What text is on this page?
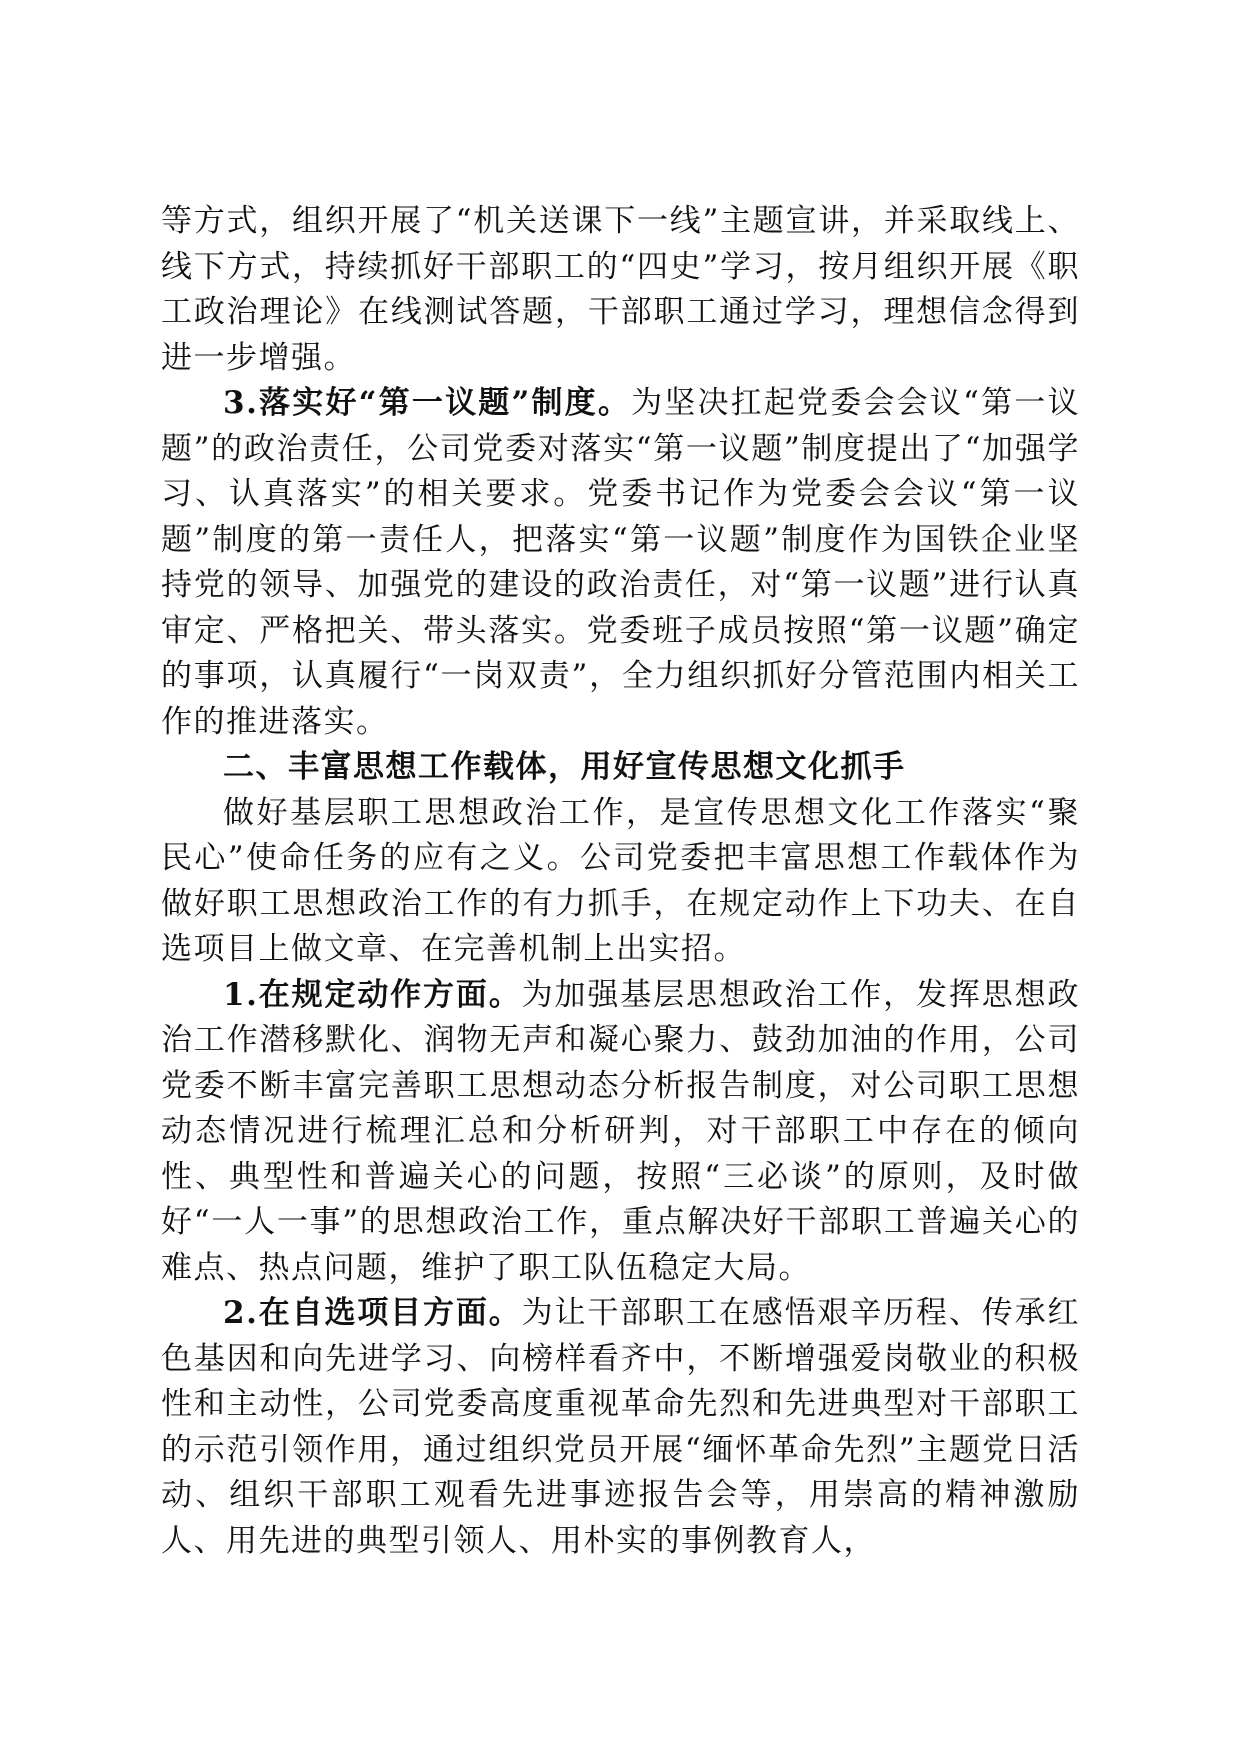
等方式，组织开展了“机关送课下一线”主题宣讲，并采取线上、线下方式，持续抓好干部职工的“四史”学习，按月组织开展《职工政治理论》在线测试答题，干部职工通过学习，理想信念得到进一步增强。

3.落实好“第一议题”制度。为坚决扛起党委会会议“第一议题”的政治责任，公司党委对落实“第一议题”制度提出了“加强学习、认真落实”的相关要求。党委书记作为党委会会议“第一议题”制度的第一责任人，把落实“第一议题”制度作为国铁企业坚持党的领导、加强党的建设的政治责任，对“第一议题”进行认真审定、严格把关、带头落实。党委班子成员按照“第一议题”确定的事项，认真履行“一岗双责”，全力组织抓好分管范围内相关工作的推进落实。

二、丰富思想工作载体，用好宣传思想文化抓手

做好基层职工思想政治工作，是宣传思想文化工作落实“聚民心”使命任务的应有之义。公司党委把丰富思想工作载体作为做好职工思想政治工作的有力抓手，在规定动作上下功夫、在自选项目上做文章、在完善机制上出实招。

1.在规定动作方面。为加强基层思想政治工作，发挥思想政治工作潜移默化、润物无声和凝心聚力、鼓劲加油的作用，公司党委不断丰富完善职工思想动态分析报告制度，对公司职工思想动态情况进行梳理汇总和分析研判，对干部职工中存在的倾向性、典型性和普遍关心的问题，按照“三必谈”的原则，及时做好“一人一事”的思想政治工作，重点解决好干部职工普遍关心的难点、热点问题，维护了职工队伍稳定大局。

2.在自选项目方面。为让干部职工在感悟艰辛历程、传承红色基因和向先进学习、向榜样看齐中，不断增强爱岗敬业的积极性和主动性，公司党委高度重视革命先烈和先进典型对干部职工的示范引领作用，通过组织党员开展“缅怀革命先烈”主题党日活动、组织干部职工观看先进事迹报告会等，用崇高的精神激励人、用先进的典型引领人、用朴实的事例教育人，
